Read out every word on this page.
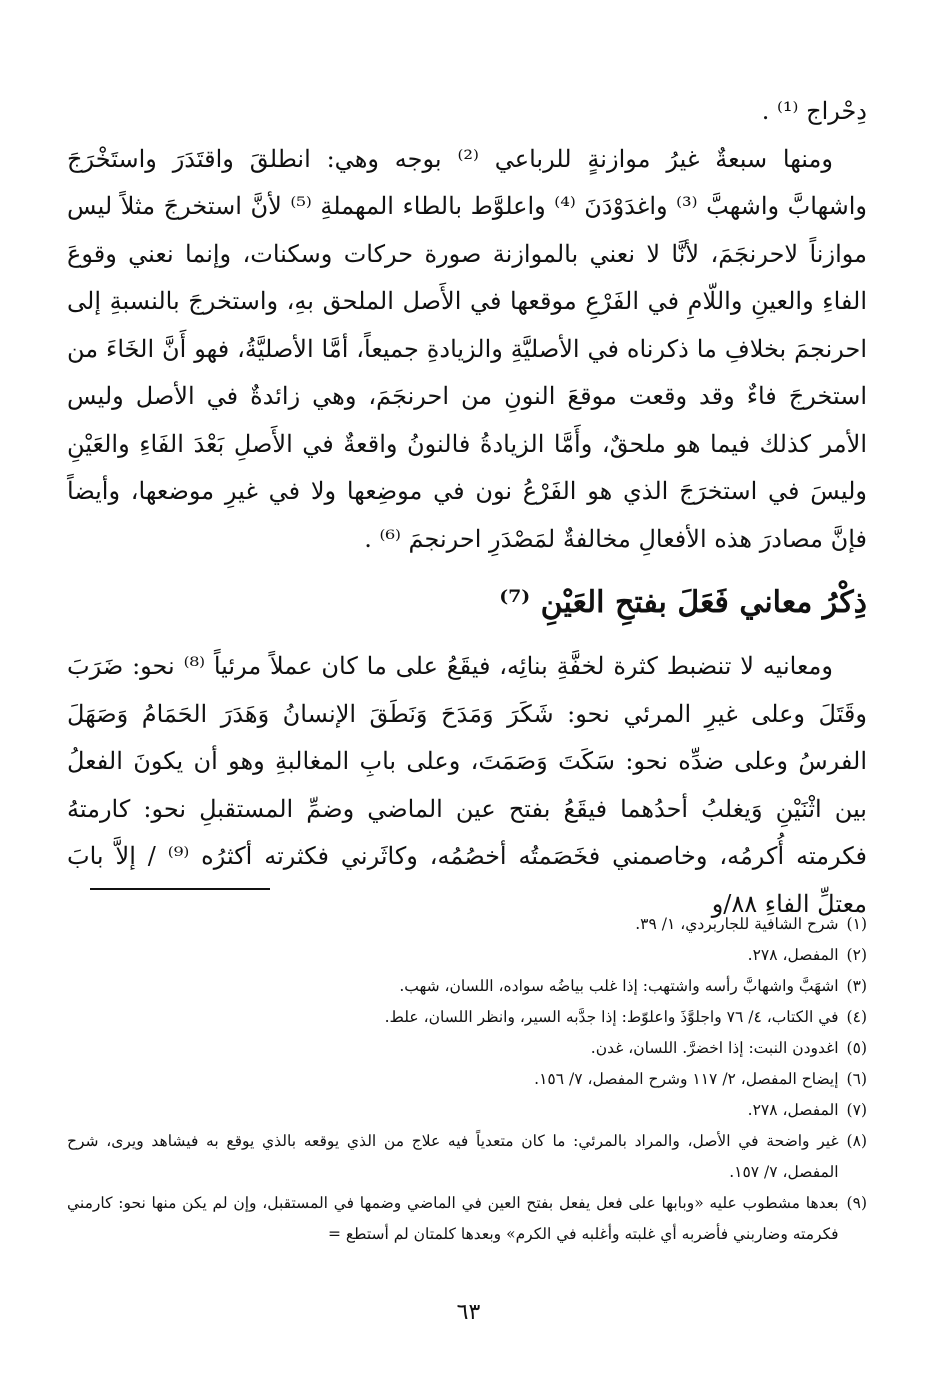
دِحْراج ⁽¹⁾ .

ومنها سبعةٌ غيرُ موازنةٍ للرباعي ⁽²⁾ بوجه وهي: انطلقَ واقتَدَرَ واستَخْرَجَ واشهابَّ واشهبَّ ⁽³⁾ واغدَوْدَنَ ⁽⁴⁾ واعلوَّط بالطاء المهملةِ ⁽⁵⁾ لأنَّ استخرجَ مثلاً ليس موازناً لاحرنجَمَ، لأنَّا لا نعني بالموازنة صورة حركات وسكنات، وإنما نعني وقوعَ الفاءِ والعينِ واللّامِ في الفَرْعِ موقعها في الأَصل الملحق بهِ، واستخرجَ بالنسبةِ إلى احرنجمَ بخلافِ ما ذكرناه في الأصليَّةِ والزيادةِ جميعاً، أمَّا الأصليَّةُ، فهو أَنَّ الخَاءَ من استخرجَ فاءٌ وقد وقعت موقعَ النونِ من احرنجَمَ، وهي زائدةٌ في الأصل وليس الأمر كذلك فيما هو ملحقٌ، وأَمَّا الزيادةُ فالنونُ واقعةٌ في الأَصلِ بَعْدَ الفَاءِ والعَيْنِ وليسَ في استخرَجَ الذي هو الفَرْعُ نون في موضِعها ولا في غيرِ موضعها، وأيضاً فإنَّ مصادرَ هذه الأفعالِ مخالفةٌ لمَصْدَرِ احرنجمَ ⁽⁶⁾ .

ذِكْرُ معاني فَعَلَ بفتحِ العَيْنِ ⁽⁷⁾

ومعانيه لا تنضبط كثرة لخفَّةِ بنائِه، فيقَعُ على ما كان عملاً مرئياً ⁽⁸⁾ نحو: ضَرَبَ وقَتَلَ وعلى غيرِ المرئي نحو: شَكَرَ وَمَدَحَ وَنَطَقَ الإنسانُ وَهَدَرَ الحَمَامُ وَصَهَلَ الفرسُ وعلى ضدِّه نحو: سَكَتَ وَصَمَتَ، وعلى بابِ المغالبةِ وهو أن يكونَ الفعلُ بين اثْنَيْنِ وَيغلبُ أحدُهما فيقَعُ بفتح عين الماضي وضمِّ المستقبلِ نحو: كارمتهُ فكرمته أُكرمُه، وخاصمني فخَصَمتُه أخصُمُه، وكاثَرني فكثرته أكثرُه ⁽⁹⁾ / إلاَّ بابَ معتلِّ الفاءِ ٨٨/و

(١)
شرح الشافية للجاربردي، ١/ ٣٩.
(٢)
المفصل، ٢٧٨.
(٣)
اشهَبَّ واشهابَّ رأسه واشتهب: إذا غلب بياضُه سواده، اللسان، شهب.
(٤)
في الكتاب، ٤/ ٧٦ واجلوَّذَ واعلوّط: إذا جدَّبه السير، وانظر اللسان، علط.
(٥)
اغدودن النبت: إذا اخضرَّ. اللسان، غدن.
(٦)
إيضاح المفصل، ٢/ ١١٧ وشرح المفصل، ٧/ ١٥٦.
(٧)
المفصل، ٢٧٨.
(٨)
غير واضحة في الأصل، والمراد بالمرئي: ما كان متعدياً فيه علاج من الذي يوقعه بالذي يوقع به فيشاهد ويرى، شرح المفصل، ٧/ ١٥٧.
(٩)
بعدها مشطوب عليه «وبابها على فعل يفعل بفتح العين في الماضي وضمها في المستقبل، وإن لم يكن منها نحو: كارمني فكرمته وضاربني فأضربه أي غلبته وأغلبه في الكرم» وبعدها كلمتان لم أستطع =
٦٣
